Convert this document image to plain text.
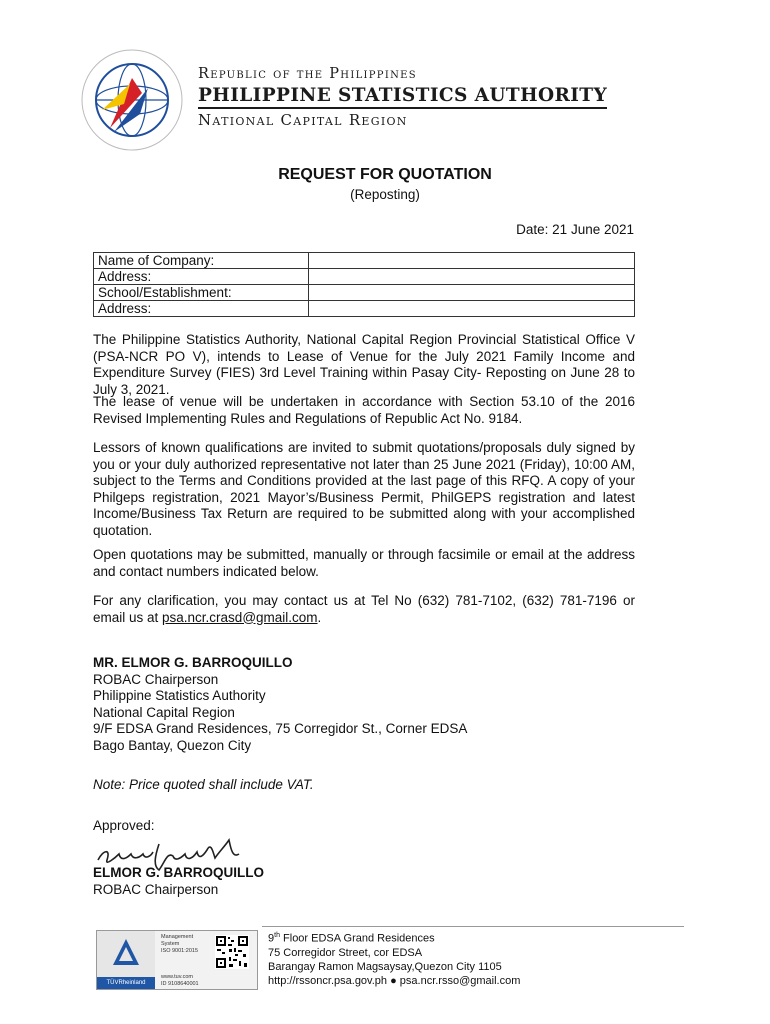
Republic of the Philippines
PHILIPPINE STATISTICS AUTHORITY
National Capital Region
REQUEST FOR QUOTATION
(Reposting)
Date: 21 June 2021
Name of Company:	
Address:	
School/Establishment:	
Address:	
The Philippine Statistics Authority, National Capital Region Provincial Statistical Office V (PSA-NCR PO V), intends to Lease of Venue for the July 2021 Family Income and Expenditure Survey (FIES) 3rd Level Training within Pasay City- Reposting on June 28 to July 3, 2021.
The lease of venue will be undertaken in accordance with Section 53.10 of the 2016 Revised Implementing Rules and Regulations of Republic Act No. 9184.
Lessors of known qualifications are invited to submit quotations/proposals duly signed by you or your duly authorized representative not later than 25 June 2021 (Friday), 10:00 AM, subject to the Terms and Conditions provided at the last page of this RFQ. A copy of your Philgeps registration, 2021 Mayor’s/Business Permit, PhilGEPS registration and latest Income/Business Tax Return are required to be submitted along with your accomplished quotation.
Open quotations may be submitted, manually or through facsimile or email at the address and contact numbers indicated below.
For any clarification, you may contact us at Tel No (632) 781-7102, (632) 781-7196 or email us at psa.ncr.crasd@gmail.com.
MR. ELMOR G. BARROQUILLO
ROBAC Chairperson
Philippine Statistics Authority
National Capital Region
9/F EDSA Grand Residences, 75 Corregidor St., Corner EDSA
Bago Bantay, Quezon City
Note: Price quoted shall include VAT.
Approved:
ELMOR G. BARROQUILLO
ROBAC Chairperson
TÜVRheinland
Management
System
ISO 9001:2015
www.tuv.com
ID 9108640001
9th Floor EDSA Grand Residences
75 Corregidor Street, cor EDSA
Barangay Ramon Magsaysay,Quezon City 1105
http://rssoncr.psa.gov.ph ● psa.ncr.rsso@gmail.com
